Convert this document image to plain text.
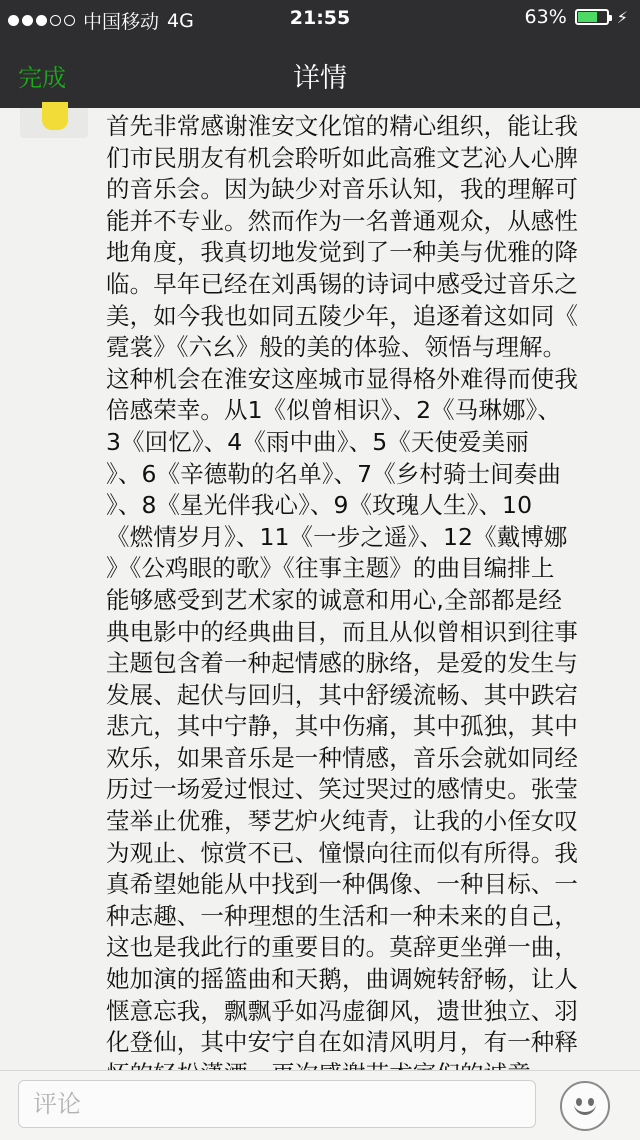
中国移动 4G	21:55	63%	⚡
完成	详情
首先非常感谢淮安文化馆的精心组织，能让我
们市民朋友有机会聆听如此高雅文艺沁人心脾
的音乐会。因为缺少对音乐认知，我的理解可
能并不专业。然而作为一名普通观众，从感性
地角度，我真切地发觉到了一种美与优雅的降
临。早年已经在刘禹锡的诗词中感受过音乐之
美，如今我也如同五陵少年，追逐着这如同《
霓裳》《六幺》般的美的体验、领悟与理解。
这种机会在淮安这座城市显得格外难得而使我
倍感荣幸。从1《似曾相识》、2《马琳娜》、
3《回忆》、4《雨中曲》、5《天使爱美丽
》、6《辛德勒的名单》、7《乡村骑士间奏曲
》、8《星光伴我心》、9《玫瑰人生》、10
《燃情岁月》、11《一步之遥》、12《戴博娜
》《公鸡眼的歌》《往事主题》的曲目编排上
能够感受到艺术家的诚意和用心,全部都是经
典电影中的经典曲目，而且从似曾相识到往事
主题包含着一种起情感的脉络，是爱的发生与
发展、起伏与回归，其中舒缓流畅、其中跌宕
悲亢，其中宁静，其中伤痛，其中孤独，其中
欢乐，如果音乐是一种情感，音乐会就如同经
历过一场爱过恨过、笑过哭过的感情史。张莹
莹举止优雅，琴艺炉火纯青，让我的小侄女叹
为观止、惊赏不已、憧憬向往而似有所得。我
真希望她能从中找到一种偶像、一种目标、一
种志趣、一种理想的生活和一种未来的自己，
这也是我此行的重要目的。莫辞更坐弹一曲，
她加演的摇篮曲和天鹅，曲调婉转舒畅，让人
惬意忘我，飘飘乎如冯虚御风，遗世独立、羽
化登仙，其中安宁自在如清风明月，有一种释

评论
